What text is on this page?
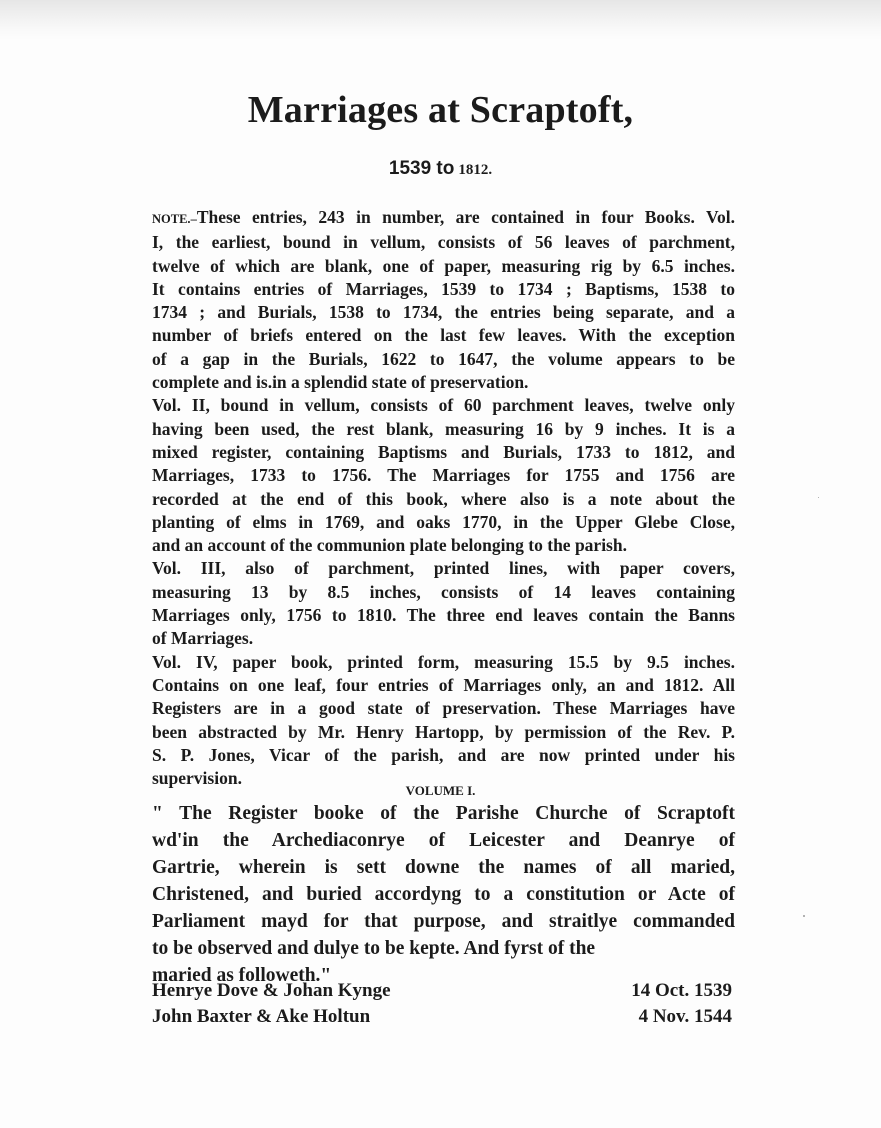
Marriages at Scraptoft,
1539 to 1812.
NOTE.–These entries, 243 in number, are contained in four Books. Vol.
I, the earliest, bound in vellum, consists of 56 leaves of parchment,
twelve of which are blank, one of paper, measuring rig by 6.5 inches.
It contains entries of Marriages, 1539 to 1734 ; Baptisms, 1538 to
1734 ; and Burials, 1538 to 1734, the entries being separate, and a
number of briefs entered on the last few leaves. With the exception
of a gap in the Burials, 1622 to 1647, the volume appears to be
complete and is.in a splendid state of preservation.
Vol. II, bound in vellum, consists of 60 parchment leaves, twelve only
having been used, the rest blank, measuring 16 by 9 inches. It is a
mixed register, containing Baptisms and Burials, 1733 to 1812, and
Marriages, 1733 to 1756. The Marriages for 1755 and 1756 are
recorded at the end of this book, where also is a note about the
planting of elms in 1769, and oaks 1770, in the Upper Glebe Close,
and an account of the communion plate belonging to the parish.
Vol. III, also of parchment, printed lines, with paper covers,
measuring 13 by 8.5 inches, consists of 14 leaves containing
Marriages only, 1756 to 1810. The three end leaves contain the Banns
of Marriages.
Vol. IV, paper book, printed form, measuring 15.5 by 9.5 inches.
Contains on one leaf, four entries of Marriages only, an and 1812. All
Registers are in a good state of preservation. These Marriages have
been abstracted by Mr. Henry Hartopp, by permission of the Rev. P.
S. P. Jones, Vicar of the parish, and are now printed under his
supervision.
VOLUME I.
" The Register booke of the Parishe Churche of Scraptoft
wd'in the Archediaconrye of Leicester and Deanrye of
Gartrie, wherein is sett downe the names of all maried,
Christened, and buried accordyng to a constitution or Acte of
Parliament mayd for that purpose, and straitlye commanded
to be observed and dulye to be kepte. And fyrst of the
maried as followeth."
Henrye Dove & Johan Kynge	14 Oct. 1539
John Baxter & Ake Holtun	4 Nov. 1544
